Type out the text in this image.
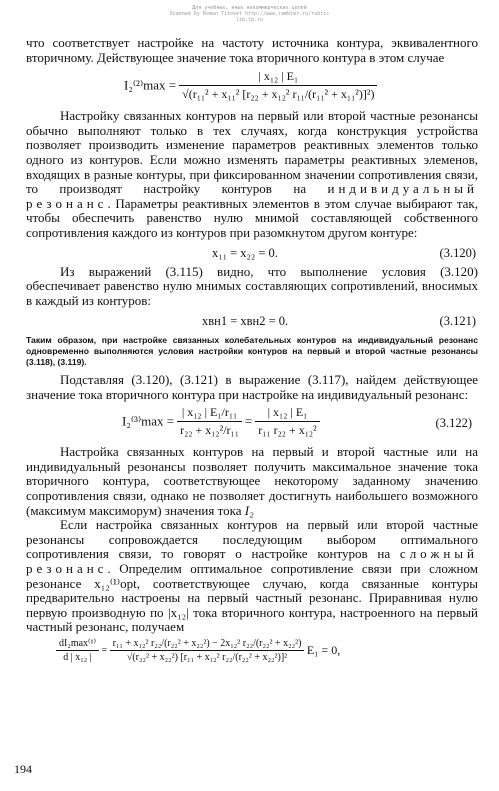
Для учебных, иных некоммерческих целей
Scanned by Roman Titovet http://www.rambler.ru/rubric
lib.tp.ru

что соответствует настройке на частоту источника контура, эквивалентного вторичному. Действующее значение тока вторичного контура в этом случае

$I_2^{(2)}\max = \frac{\text{| x₁₂ | E₁}}{\text{√(r₁₁² + x₁₁² [r₂₂ + x₁₂² r₁₁/(r₁₁² + x₁₁²)]²)}}$

Настройку связанных контуров на первый или второй частные резонансы обычно выполняют только в тех случаях, когда конструкция устройства позволяет производить изменение параметров реактивных элементов только одного из контуров. Если можно изменять параметры реактивных элеменов, входящих в разные контуры, при фиксированном значении сопротивления связи, то производят настройку контуров на индивидуальный резонанс. Параметры реактивных элементов в этом случае выбирают так, чтобы обеспечить равенство нулю мнимой составляющей собственного сопротивления каждого из контуров при разомкнутом другом контуре:

x₁₁ = x₂₂ = 0.	(3.120)

Из выражений (3.115) видно, что выполнение условия (3.120) обеспечивает равенство нулю мнимых составляющих сопротивлений, вносимых в каждый из контуров:

xвн1 = xвн2 = 0.	(3.121)

Таким образом, при настройке связанных колебательных контуров на индивидуальный резонанс одновременно выполняются условия настройки контуров на первый и второй частные резонансы (3.118), (3.119).

Подставляя (3.120), (3.121) в выражение (3.117), найдем действующее значение тока вторичного контура при настройке на индивидуальный резонанс:

$I_2^{(3)}\max = \frac{\text{| x₁₂ | E₁/r₁₁}}{\text{r₂₂ + x₁₂²/r₁₁}} = \frac{\text{| x₁₂ | E₁}}{\text{r₁₁ r₂₂ + x₁₂²}}$	(3.122)

Настройка связанных контуров на первый и второй частные или на индивидуальный резонансы позволяет получить максимальное значение тока вторичного контура, соответствующее некоторому заданному значению сопротивления связи, однако не позволяет достигнуть наибольшего возможного (максимум максиморум) значения тока I₂

Если настройка связанных контуров на первый или второй частные резонансы сопровождается последующим выбором оптимального сопротивления связи, то говорят о настройке контуров на сложный резонанс. Определим оптимальное сопротивление связи при сложном резонансе x₁₂⁽¹⁾opt, соответствующее случаю, когда связанные контуры предварительно настроены на первый частный резонанс. Приравнивая нулю первую производную по |x₁₂| тока вторичного контура, настроенного на первый частный резонанс, получаем

dI₂max⁽¹⁾
d | x₁₂ |
= $\frac{\text{r₁₁ + x₁₂² r₂₂/(r₂₂² + x₂₂²) − 2x₁₂² r₂₂/(r₂₂² + x₂₂²)}}{\text{√(r₂₂² + x₂₂²) [r₁₁ + x₁₂² r₂₂/(r₂₂² + x₂₂²)]²}} E_1 = 0$,
194
